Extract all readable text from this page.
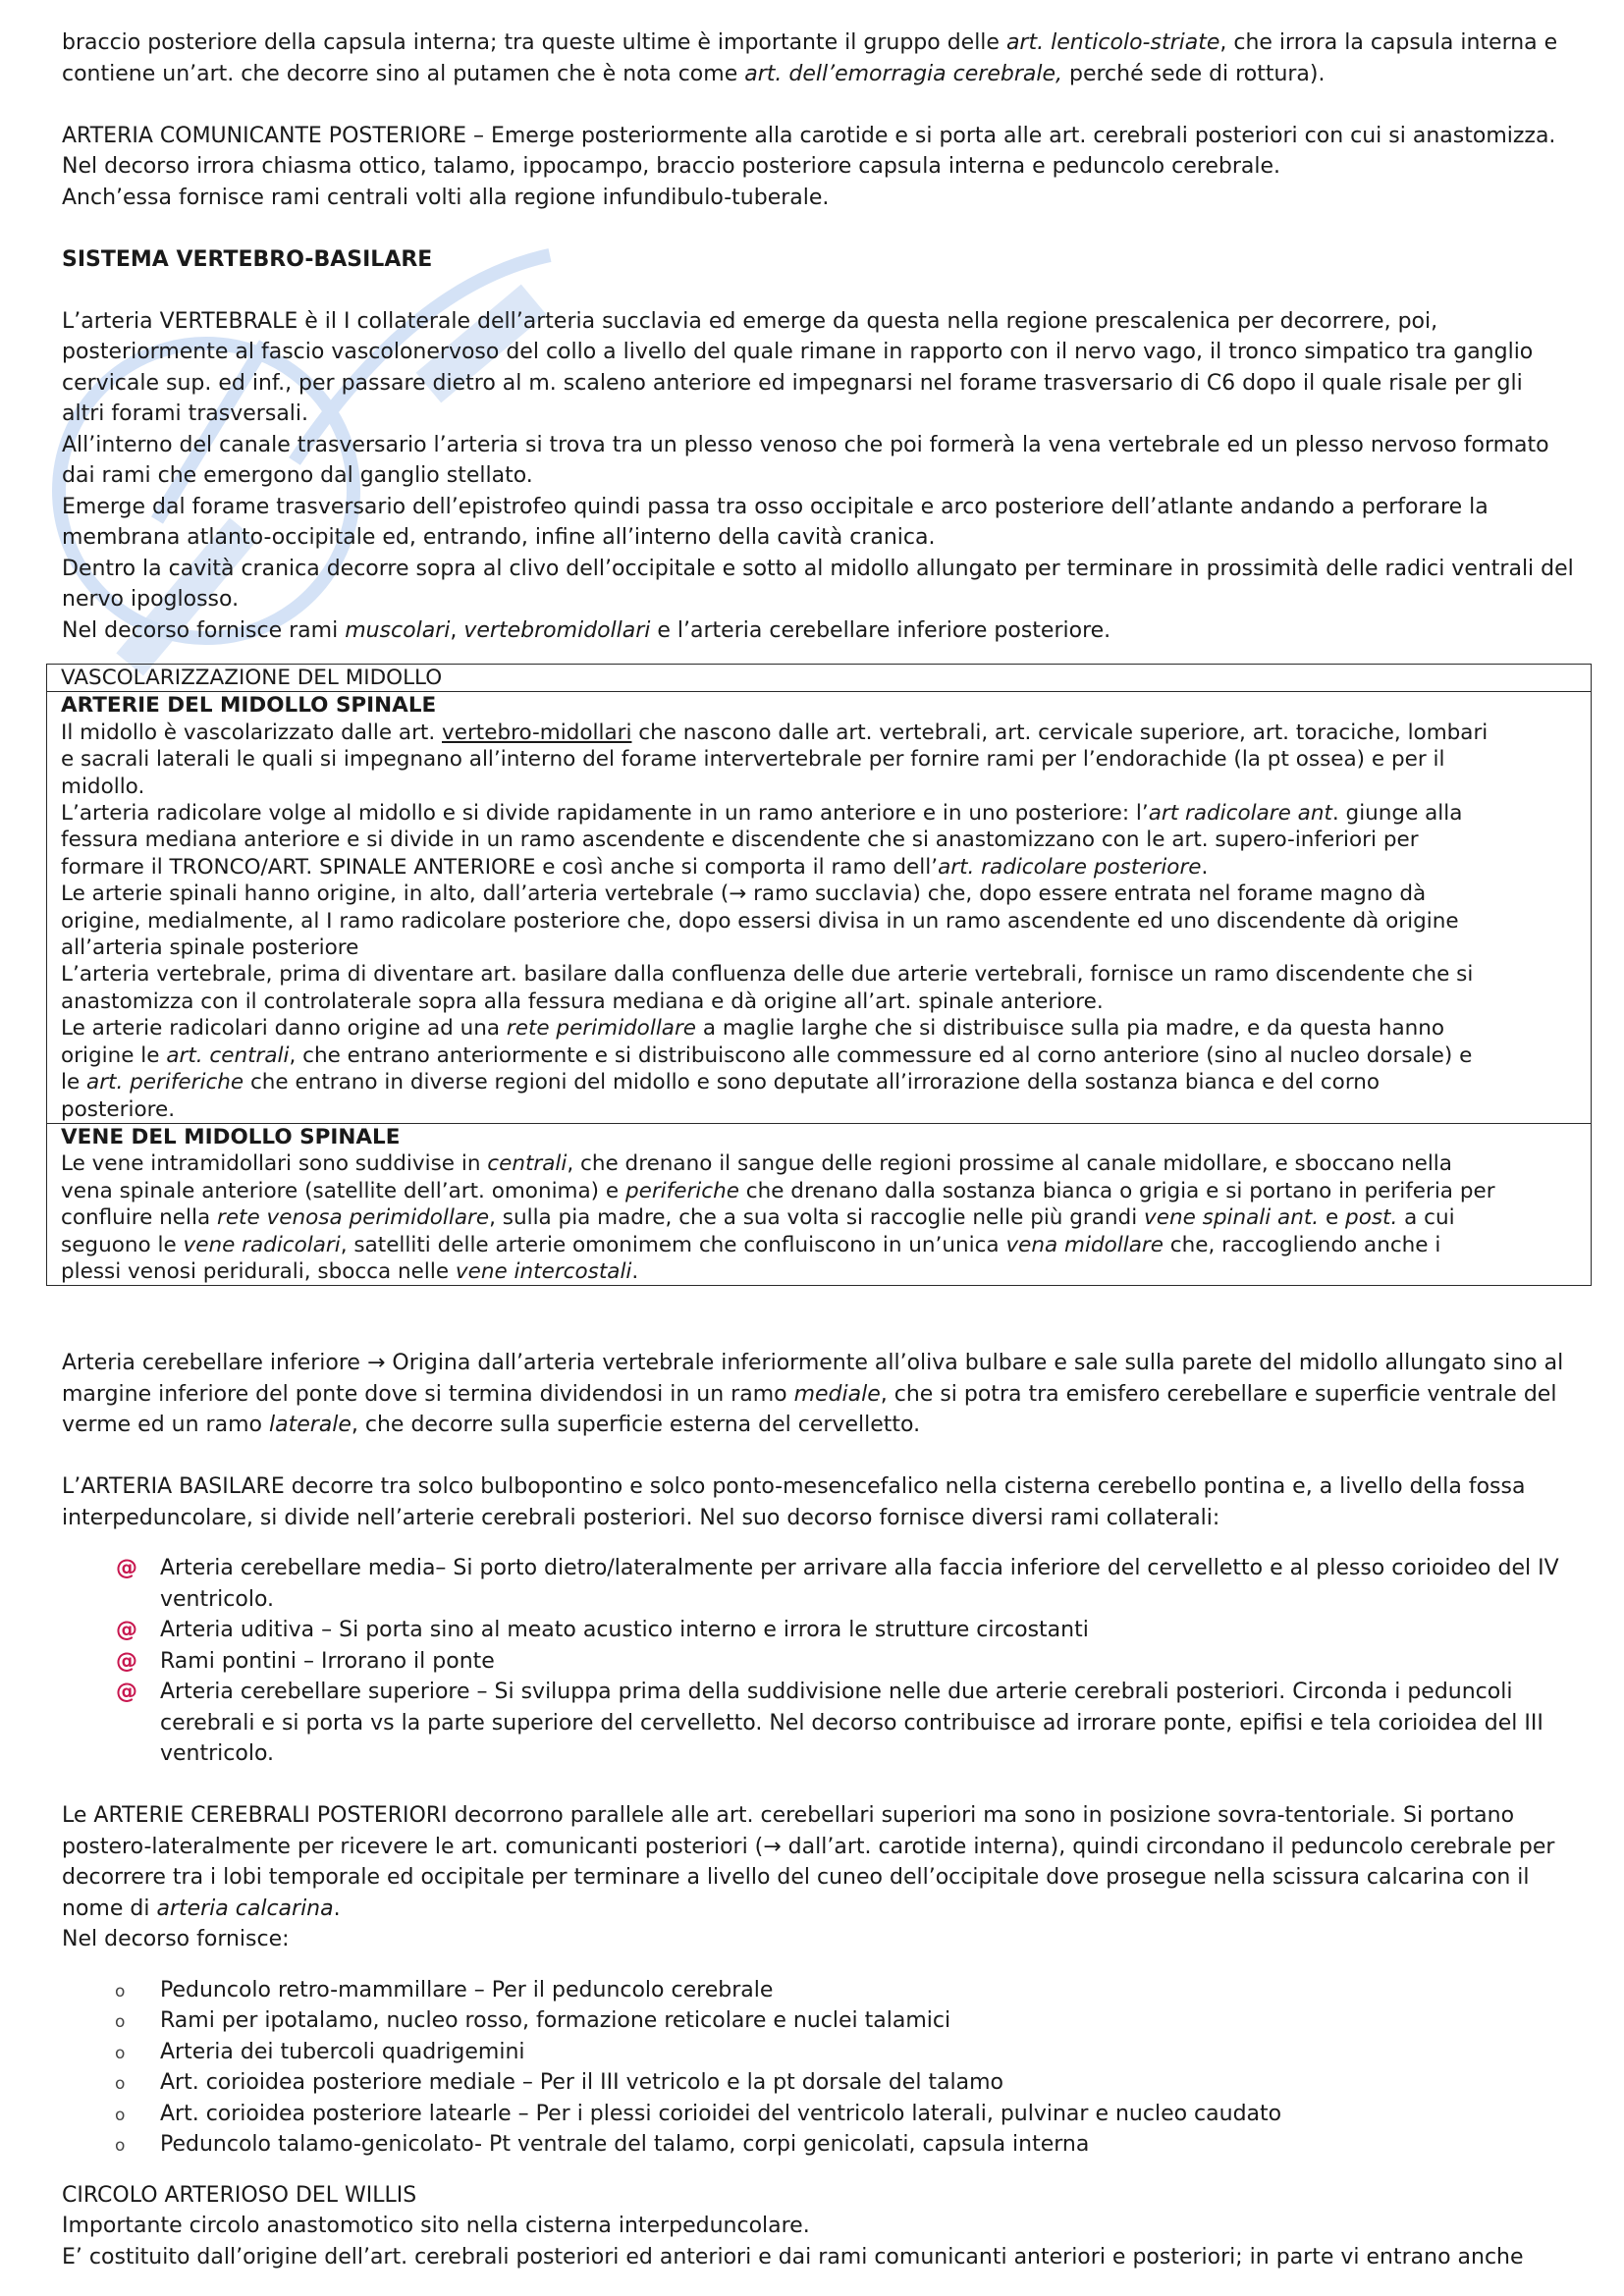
braccio posteriore della capsula interna; tra queste ultime è importante il gruppo delle art. lenticolo-striate, che irrora la capsula interna e

contiene un’art. che decorre sino al putamen che è nota come art. dell’emorragia cerebrale, perché sede di rottura).

ARTERIA COMUNICANTE POSTERIORE – Emerge posteriormente alla carotide e si porta alle art. cerebrali posteriori con cui si anastomizza.

Nel decorso irrora chiasma ottico, talamo, ippocampo, braccio posteriore capsula interna e peduncolo cerebrale.

Anch’essa fornisce rami centrali volti alla regione infundibulo-tuberale.

SISTEMA VERTEBRO-BASILARE

L’arteria VERTEBRALE è il I collaterale dell’arteria succlavia ed emerge da questa nella regione prescalenica per decorrere, poi,

posteriormente al fascio vascolonervoso del collo a livello del quale rimane in rapporto con il nervo vago, il tronco simpatico tra ganglio

cervicale sup. ed inf., per passare dietro al m. scaleno anteriore ed impegnarsi nel forame trasversario di C6 dopo il quale risale per gli

altri forami trasversali.

All’interno del canale trasversario l’arteria si trova tra un plesso venoso che poi formerà la vena vertebrale ed un plesso nervoso formato

dai rami che emergono dal ganglio stellato.

Emerge dal forame trasversario dell’epistrofeo quindi passa tra osso occipitale e arco posteriore dell’atlante andando a perforare la

membrana atlanto-occipitale ed, entrando, infine all’interno della cavità cranica.

Dentro la cavità cranica decorre sopra al clivo dell’occipitale e sotto al midollo allungato per terminare in prossimità delle radici ventrali del

nervo ipoglosso.

Nel decorso fornisce rami muscolari, vertebromidollari e l’arteria cerebellare inferiore posteriore.

VASCOLARIZZAZIONE DEL MIDOLLO

ARTERIE DEL MIDOLLO SPINALE

Il midollo è vascolarizzato dalle art. vertebro-midollari che nascono dalle art. vertebrali, art. cervicale superiore, art. toraciche, lombari

e sacrali laterali le quali si impegnano all’interno del forame intervertebrale per fornire rami per l’endorachide (la pt ossea) e per il

midollo.

L’arteria radicolare volge al midollo e si divide rapidamente in un ramo anteriore e in uno posteriore: l’art radicolare ant. giunge alla

fessura mediana anteriore e si divide in un ramo ascendente e discendente che si anastomizzano con le art. supero-inferiori per

formare il TRONCO/ART. SPINALE ANTERIORE e così anche si comporta il ramo dell’art. radicolare posteriore.

Le arterie spinali hanno origine, in alto, dall’arteria vertebrale (→ ramo succlavia) che, dopo essere entrata nel forame magno dà

origine, medialmente, al I ramo radicolare posteriore che, dopo essersi divisa in un ramo ascendente ed uno discendente dà origine

all’arteria spinale posteriore

L’arteria vertebrale, prima di diventare art. basilare dalla confluenza delle due arterie vertebrali, fornisce un ramo discendente che si

anastomizza con il controlaterale sopra alla fessura mediana e dà origine all’art. spinale anteriore.

Le arterie radicolari danno origine ad una rete perimidollare a maglie larghe che si distribuisce sulla pia madre, e da questa hanno

origine le art. centrali, che entrano anteriormente e si distribuiscono alle commessure ed al corno anteriore (sino al nucleo dorsale) e

le art. periferiche che entrano in diverse regioni del midollo e sono deputate all’irrorazione della sostanza bianca e del corno

posteriore.

VENE DEL MIDOLLO SPINALE

Le vene intramidollari sono suddivise in centrali, che drenano il sangue delle regioni prossime al canale midollare, e sboccano nella

vena spinale anteriore (satellite dell’art. omonima) e periferiche che drenano dalla sostanza bianca o grigia e si portano in periferia per

confluire nella rete venosa perimidollare, sulla pia madre, che a sua volta si raccoglie nelle più grandi vene spinali ant. e post. a cui

seguono le vene radicolari, satelliti delle arterie omonimem che confluiscono in un’unica vena midollare che, raccogliendo anche i

plessi venosi peridurali, sbocca nelle vene intercostali.

Arteria cerebellare inferiore → Origina dall’arteria vertebrale inferiormente all’oliva bulbare e sale sulla parete del midollo allungato sino al

margine inferiore del ponte dove si termina dividendosi in un ramo mediale, che si potra tra emisfero cerebellare e superficie ventrale del

verme ed un ramo laterale, che decorre sulla superficie esterna del cervelletto.

L’ARTERIA BASILARE decorre tra solco bulbopontino e solco ponto-mesencefalico nella cisterna cerebello pontina e, a livello della fossa

interpeduncolare, si divide nell’arterie cerebrali posteriori. Nel suo decorso fornisce diversi rami collaterali:

@ Arteria cerebellare media– Si porto dietro/lateralmente per arrivare alla faccia inferiore del cervelletto e al plesso corioideo del IV
ventricolo.
@ Arteria uditiva – Si porta sino al meato acustico interno e irrora le strutture circostanti
@ Rami pontini – Irrorano il ponte
@ Arteria cerebellare superiore – Si sviluppa prima della suddivisione nelle due arterie cerebrali posteriori. Circonda i peduncoli
cerebrali e si porta vs la parte superiore del cervelletto. Nel decorso contribuisce ad irrorare ponte, epifisi e tela corioidea del III
ventricolo.

Le ARTERIE CEREBRALI POSTERIORI decorrono parallele alle art. cerebellari superiori ma sono in posizione sovra-tentoriale. Si portano

postero-lateralmente per ricevere le art. comunicanti posteriori (→ dall’art. carotide interna), quindi circondano il peduncolo cerebrale per

decorrere tra i lobi temporale ed occipitale per terminare a livello del cuneo dell’occipitale dove prosegue nella scissura calcarina con il

nome di arteria calcarina.

Nel decorso fornisce:

o Peduncolo retro-mammillare – Per il peduncolo cerebrale
o Rami per ipotalamo, nucleo rosso, formazione reticolare e nuclei talamici
o Arteria dei tubercoli quadrigemini
o Art. corioidea posteriore mediale – Per il III vetricolo e la pt dorsale del talamo
o Art. corioidea posteriore latearle – Per i plessi corioidei del ventricolo laterali, pulvinar e nucleo caudato
o Peduncolo talamo-genicolato- Pt ventrale del talamo, corpi genicolati, capsula interna

CIRCOLO ARTERIOSO DEL WILLIS

Importante circolo anastomotico sito nella cisterna interpeduncolare.

E’ costituito dall’origine dell’art. cerebrali posteriori ed anteriori e dai rami comunicanti anteriori e posteriori; in parte vi entrano anche
